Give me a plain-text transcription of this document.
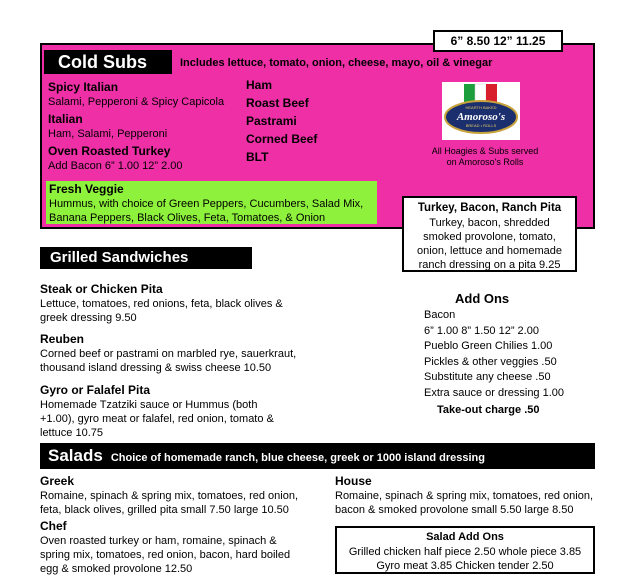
Cold Subs	Includes lettuce, tomato, onion, cheese, mayo, oil & vinegar
6” 8.50 12” 11.25
Spicy Italian
Salami, Pepperoni & Spicy Capicola
Italian
Ham, Salami, Pepperoni
Oven Roasted Turkey
Add Bacon 6” 1.00 12” 2.00
Ham
Roast Beef
Pastrami
Corned Beef
BLT
Fresh Veggie
Hummus, with choice of Green Peppers, Cucumbers, Salad Mix,
Banana Peppers, Black Olives, Feta, Tomatoes, & Onion
HEARTH BAKED
Amoroso's
BREAD • ROLLS
All Hoagies & Subs served
on Amoroso's Rolls
Turkey, Bacon, Ranch Pita
Turkey, bacon, shredded
smoked provolone, tomato,
onion, lettuce and homemade
ranch dressing on a pita 9.25
Grilled Sandwiches
Steak or Chicken Pita
Lettuce, tomatoes, red onions, feta, black olives &
greek dressing 9.50
Reuben
Corned beef or pastrami on marbled rye, sauerkraut,
thousand island dressing & swiss cheese 10.50
Gyro or Falafel Pita
Homemade Tzatziki sauce or Hummus (both
+1.00), gyro meat or falafel, red onion, tomato &
lettuce 10.75
Add Ons
Bacon
6” 1.00 8” 1.50 12” 2.00
Pueblo Green Chilies 1.00
Pickles & other veggies .50
Substitute any cheese .50
Extra sauce or dressing 1.00
Take-out charge .50
Salads Choice of homemade ranch, blue cheese, greek or 1000 island dressing
Greek
Romaine, spinach & spring mix, tomatoes, red onion,
feta, black olives, grilled pita small 7.50 large 10.50
Chef
Oven roasted turkey or ham, romaine, spinach &
spring mix, tomatoes, red onion, bacon, hard boiled
egg & smoked provolone 12.50
House
Romaine, spinach & spring mix, tomatoes, red onion,
bacon & smoked provolone small 5.50 large 8.50
Salad Add Ons
Grilled chicken half piece 2.50 whole piece 3.85
Gyro meat 3.85 Chicken tender 2.50
